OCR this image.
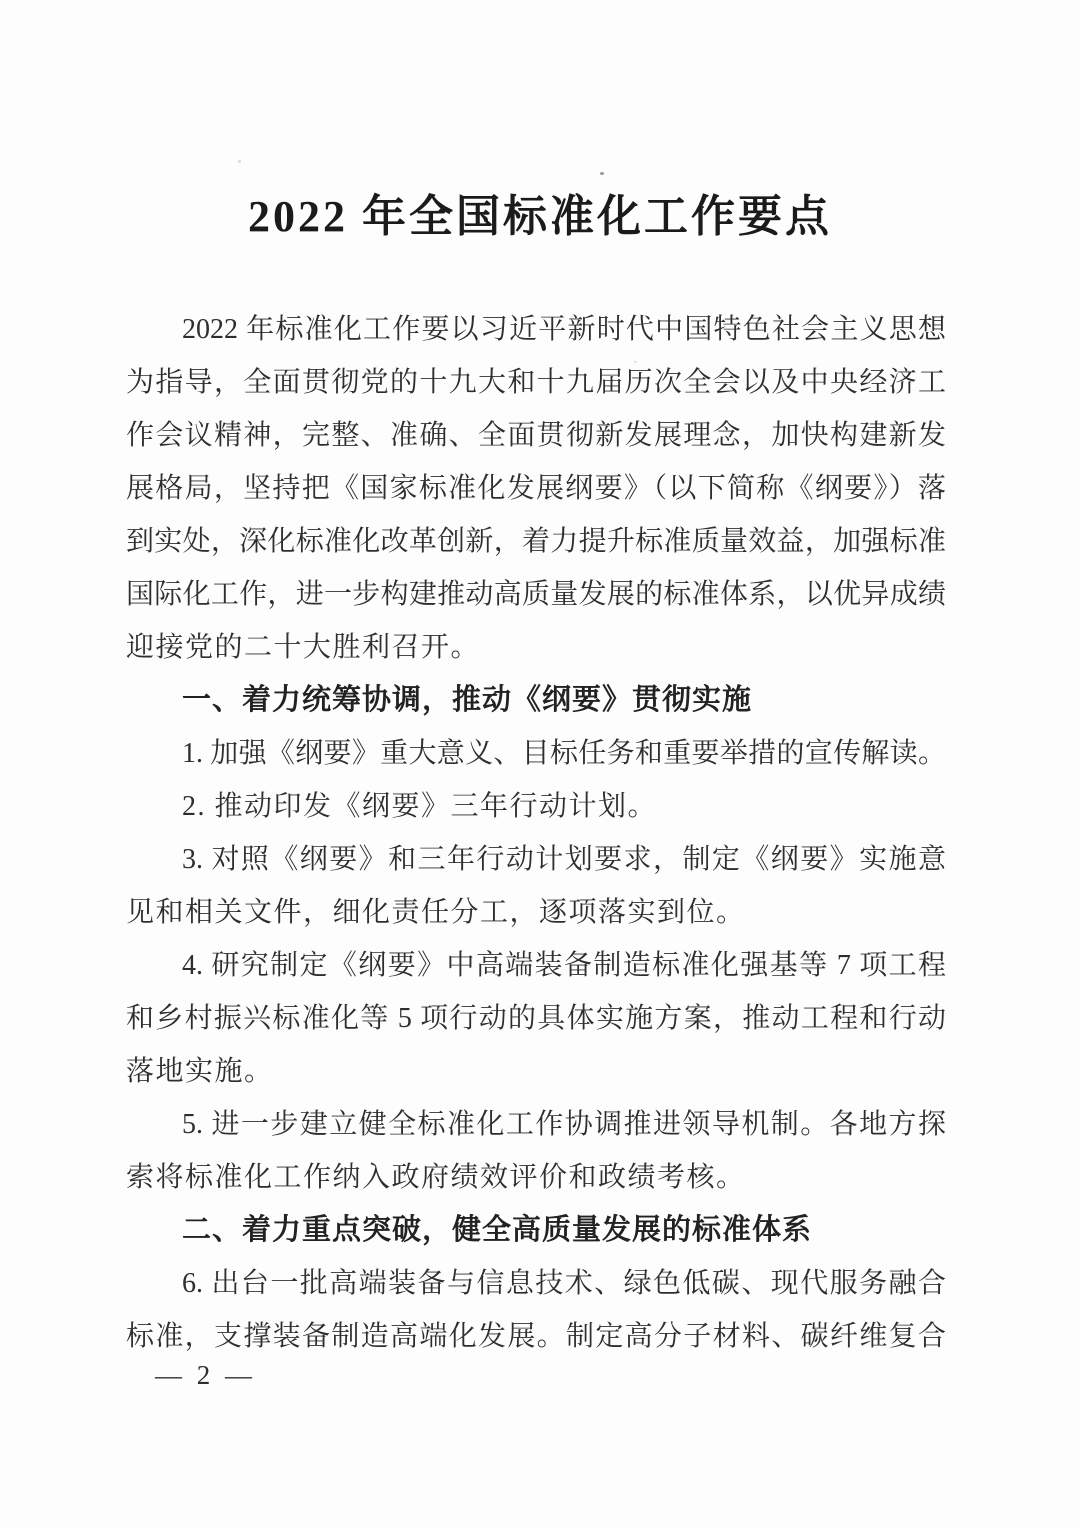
2022 年全国标准化工作要点
2022 年标准化工作要以习近平新时代中国特色社会主义思想
为指导，全面贯彻党的十九大和十九届历次全会以及中央经济工
作会议精神，完整、准确、全面贯彻新发展理念，加快构建新发
展格局，坚持把《国家标准化发展纲要》（以下简称《纲要》）落
到实处，深化标准化改革创新，着力提升标准质量效益，加强标准
国际化工作，进一步构建推动高质量发展的标准体系，以优异成绩
迎接党的二十大胜利召开。
一、着力统筹协调，推动《纲要》贯彻实施
1. 加强《纲要》重大意义、目标任务和重要举措的宣传解读。
2. 推动印发《纲要》三年行动计划。
3. 对照《纲要》和三年行动计划要求，制定《纲要》实施意
见和相关文件，细化责任分工，逐项落实到位。
4. 研究制定《纲要》中高端装备制造标准化强基等 7 项工程
和乡村振兴标准化等 5 项行动的具体实施方案，推动工程和行动
落地实施。
5. 进一步建立健全标准化工作协调推进领导机制。各地方探
索将标准化工作纳入政府绩效评价和政绩考核。
二、着力重点突破，健全高质量发展的标准体系
6. 出台一批高端装备与信息技术、绿色低碳、现代服务融合
标准，支撑装备制造高端化发展。制定高分子材料、碳纤维复合
— 2 —
